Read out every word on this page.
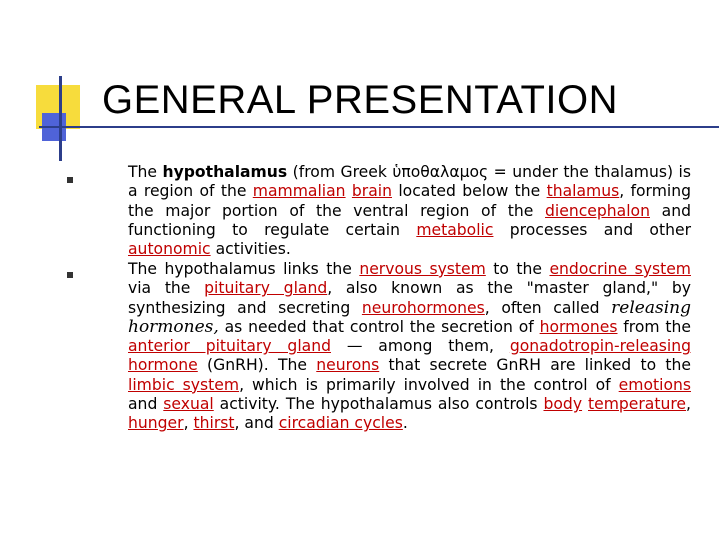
GENERAL PRESENTATION
The hypothalamus (from Greek ὑποθαλαμος = under the thalamus) is a region of the mammalian brain located below the thalamus, forming the major portion of the ventral region of the diencephalon and functioning to regulate certain metabolic processes and other autonomic activities.
The hypothalamus links the nervous system to the endocrine system via the pituitary gland, also known as the "master gland," by synthesizing and secreting neurohormones, often called releasing hormones, as needed that control the secretion of hormones from the anterior pituitary gland — among them, gonadotropin-releasing hormone (GnRH). The neurons that secrete GnRH are linked to the limbic system, which is primarily involved in the control of emotions and sexual activity. The hypothalamus also controls body temperature, hunger, thirst, and circadian cycles.
